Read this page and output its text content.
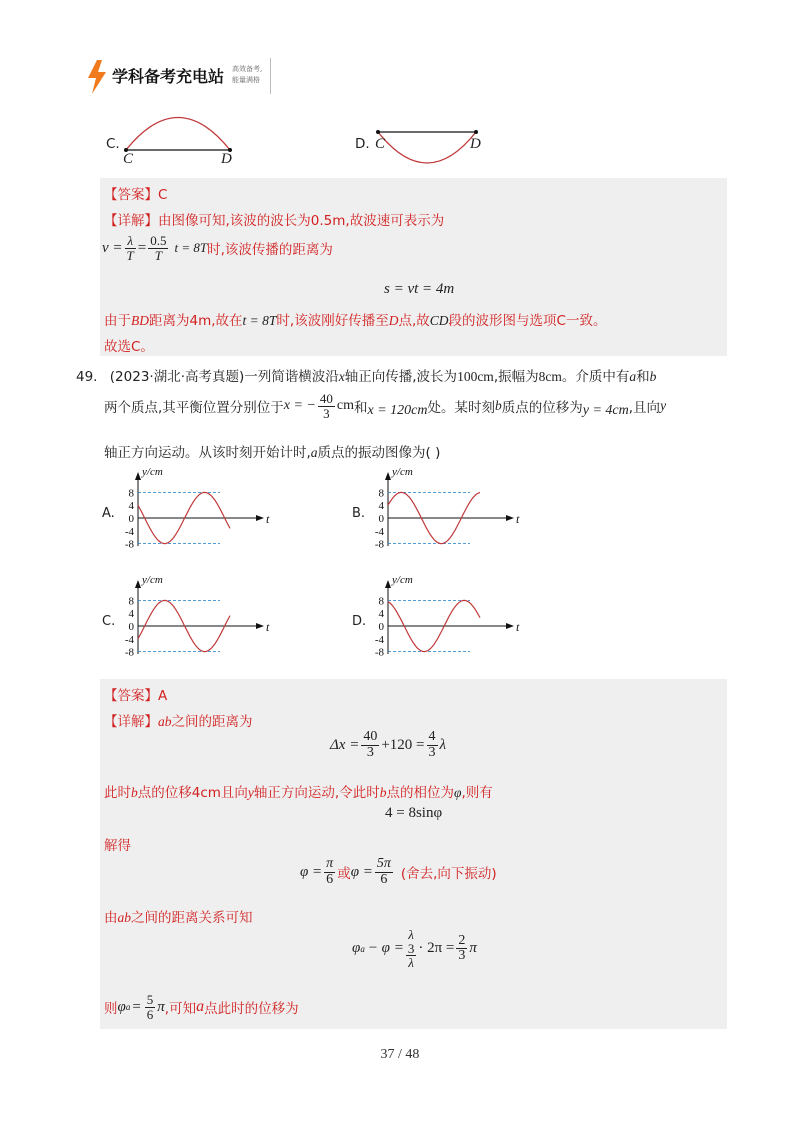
学科备考充电站 高效备考,
能量满格
C.
C	D
D. C	D
【答案】C
【详解】由图像可知,该波的波长为0.5m,故波速可表示为
$v = \frac{\lambda}{T} = \frac{0.5}{T}$ t = 8T 时,该波传播的距离为
s = vt = 4m
由于BD距离为4m,故在t = 8T时,该波刚好传播至D点,故CD段的波形图与选项C一致。
故选C。
49. (2023·湖北·高考真题)一列简谐横波沿x轴正向传播,波长为100cm,振幅为8cm。介质中有a和b
两个质点,其平衡位置分别位于 x = − $\frac{40}{3}$ cm 和 x = 120cm 处。某时刻 b 质点的位移为 y = 4cm ,且向 y
轴正方向运动。从该时刻开始计时,a质点的振动图像为( )
A.
8
4
0
-4
-8
y/cm
t	B.
8
4
0
-4
-8
y/cm
t
C.
8
4
0
-4
-8
y/cm
t	D.
8
4
0
-4
-8
y/cm
t
【答案】A
【详解】ab之间的距离为
$\Delta x = \frac{40}{3} +120 = \frac{4}{3}$ λ
此时b点的位移4cm且向y轴正方向运动,令此时b点的相位为φ,则有
4 = 8sinφ
解得
$\varphi = \frac{\pi}{6}$ 或 $\varphi = \frac{5\pi}{6}$ (舍去,向下振动)
由ab之间的距离关系可知
φ a − φ =
λ
3
λ
· $2\pi = \frac{2}{3}$ π
则 φ $a = \frac{5}{6}$ π ,可知 a 点此时的位移为
37 / 48
